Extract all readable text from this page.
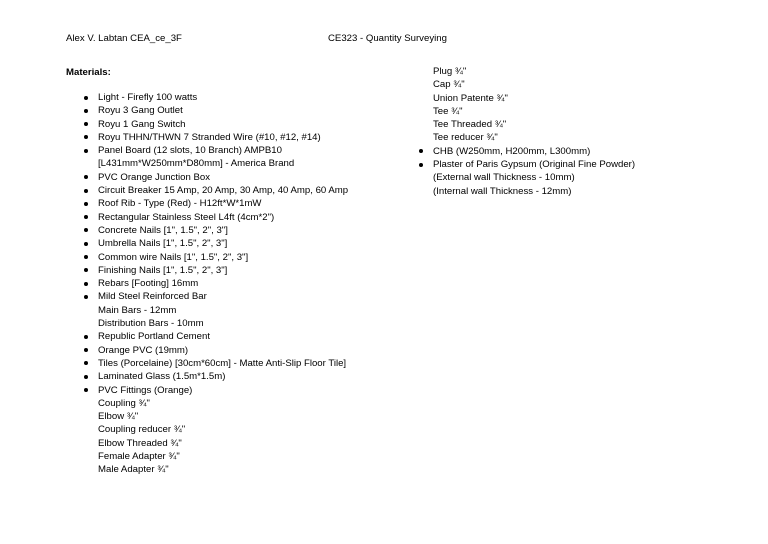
Alex V. Labtan CEA_ce_3F	CE323 - Quantity Surveying
Materials:
Light - Firefly 100 watts
Royu 3 Gang Outlet
Royu 1 Gang Switch
Royu THHN/THWN 7 Stranded Wire (#10, #12, #14)
Panel Board (12 slots, 10 Branch) AMPB10
[L431mm*W250mm*D80mm] - America Brand
PVC Orange Junction Box
Circuit Breaker 15 Amp, 20 Amp, 30 Amp, 40 Amp, 60 Amp
Roof Rib - Type (Red) - H12ft*W*1mW
Rectangular Stainless Steel L4ft (4cm*2")
Concrete Nails [1", 1.5", 2", 3"]
Umbrella Nails [1", 1.5", 2", 3"]
Common wire Nails [1", 1.5", 2", 3"]
Finishing Nails [1", 1.5", 2", 3"]
Rebars [Footing] 16mm
Mild Steel Reinforced Bar
Main Bars - 12mm
Distribution Bars - 10mm
Republic Portland Cement
Orange PVC (19mm)
Tiles (Porcelaine) [30cm*60cm] - Matte Anti-Slip Floor Tile]
Laminated Glass (1.5m*1.5m)
PVC Fittings (Orange)
Coupling ¾"
Elbow ¾"
Coupling reducer ¾"
Elbow Threaded ¾"
Female Adapter ¾"
Male Adapter ¾"
Plug ¾"
Cap ¾"
Union Patente ¾"
Tee ¾"
Tee Threaded ¾"
Tee reducer ¾"
CHB (W250mm, H200mm, L300mm)
Plaster of Paris Gypsum (Original Fine Powder)
(External wall Thickness - 10mm)
(Internal wall Thickness - 12mm)
